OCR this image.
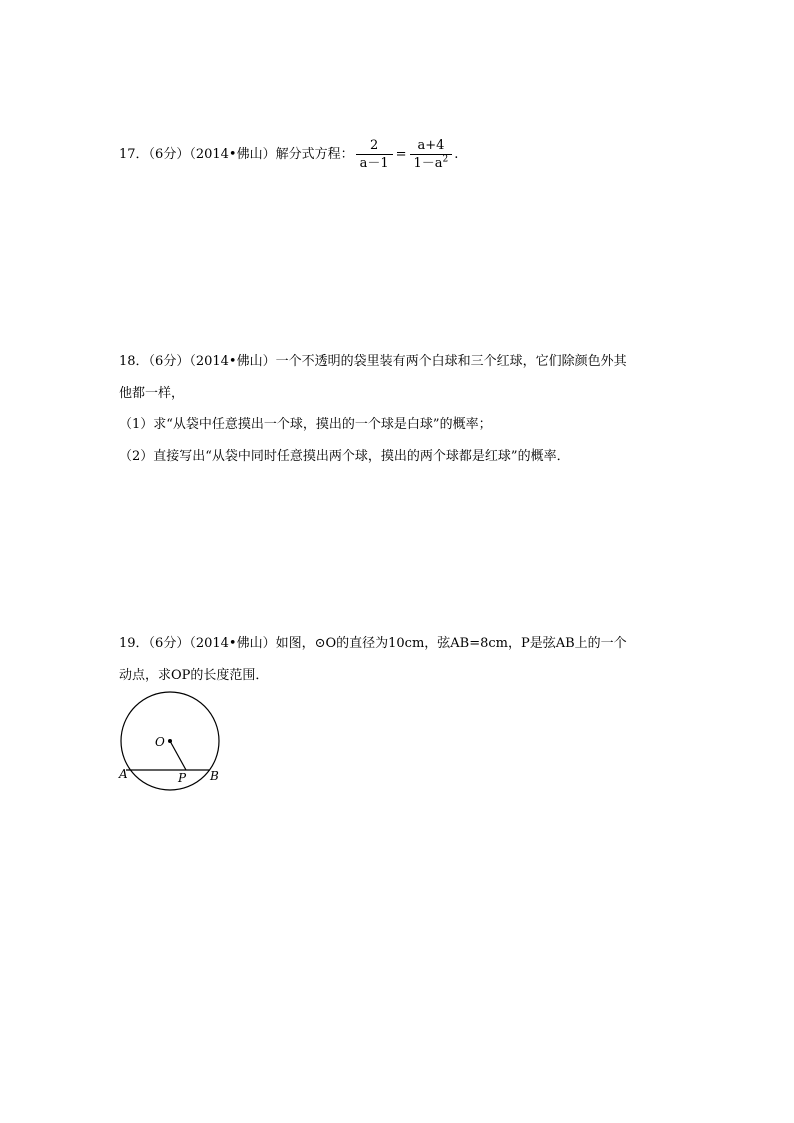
17．（6分）（2014•佛山）解分式方程： $\frac{2}{a-1} = \frac{a+4}{1-a^2}$ .
18．（6分）（2014•佛山）一个不透明的袋里装有两个白球和三个红球，它们除颜色外其
他都一样，
（1）求“从袋中任意摸出一个球，摸出的一个球是白球”的概率；
（2）直接写出“从袋中同时任意摸出两个球，摸出的两个球都是红球”的概率．
19．（6分）（2014•佛山）如图，⊙O的直径为10cm，弦AB=8cm，P是弦AB上的一个
动点，求OP的长度范围．
O
A	B
P
